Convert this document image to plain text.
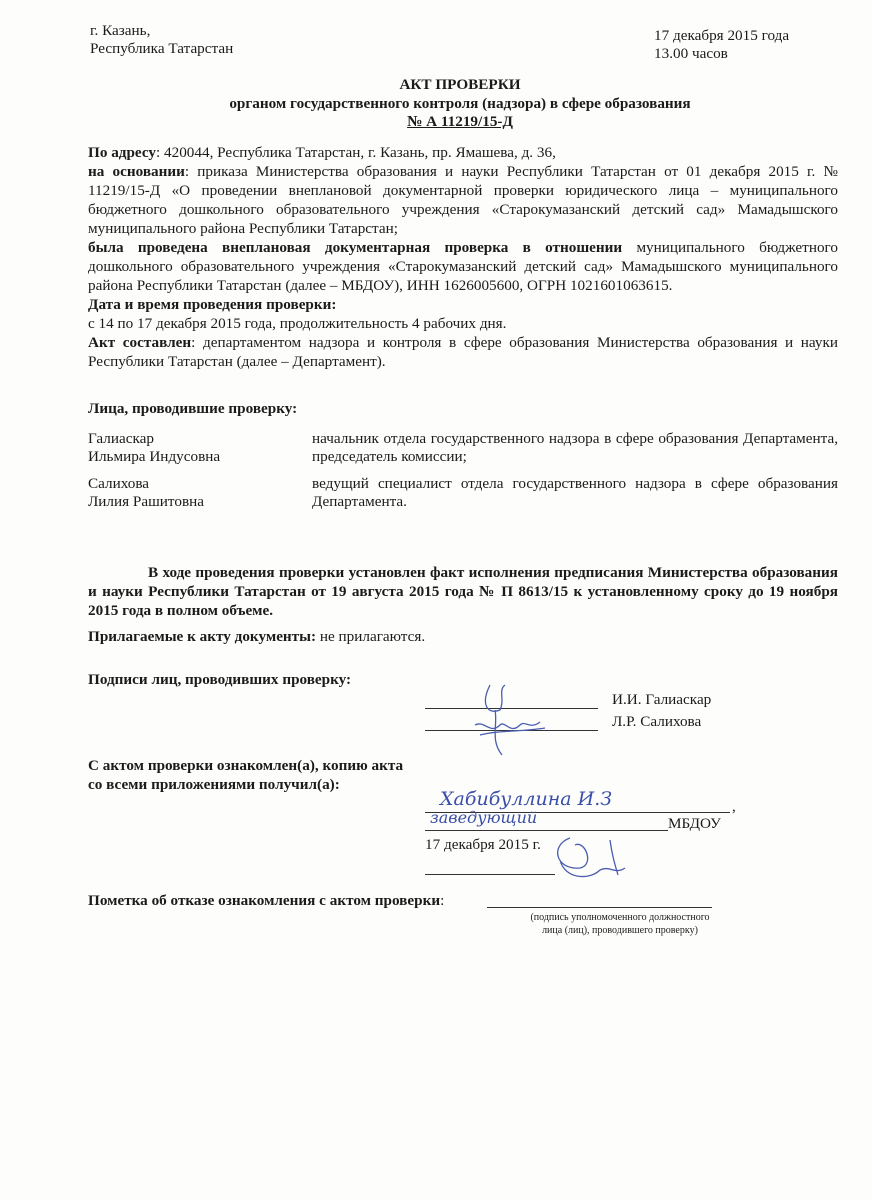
г. Казань,
Республика Татарстан
17 декабря 2015 года
13.00 часов
АКТ ПРОВЕРКИ
органом государственного контроля (надзора) в сфере образования
№ А 11219/15-Д

По адресу: 420044, Республика Татарстан, г. Казань, пр. Ямашева, д. 36,

на основании: приказа Министерства образования и науки Республики Татарстан от 01 декабря 2015 г. № 11219/15-Д «О проведении внеплановой документарной проверки юридического лица – муниципального бюджетного дошкольного образовательного учреждения «Старокумазанский детский сад» Мамадышского муниципального района Республики Татарстан;

была проведена внеплановая документарная проверка в отношении муниципального бюджетного дошкольного образовательного учреждения «Старокумазанский детский сад» Мамадышского муниципального района Республики Татарстан (далее – МБДОУ), ИНН 1626005600, ОГРН 1021601063615.

Дата и время проведения проверки:

с 14 по 17 декабря 2015 года, продолжительность 4 рабочих дня.

Акт составлен: департаментом надзора и контроля в сфере образования Министерства образования и науки Республики Татарстан (далее – Департамент).

Лица, проводившие проверку:
Галиаскар
Ильмира Индусовна
начальник отдела государственного надзора в сфере образования Департамента, председатель комиссии;
Салихова
Лилия Рашитовна
ведущий специалист отдела государственного надзора в сфере образования Департамента.
В ходе проведения проверки установлен факт исполнения предписания Министерства образования и науки Республики Татарстан от 19 августа 2015 года № П 8613/15 к установленному сроку до 19 ноября 2015 года в полном объеме.
Прилагаемые к акту документы: не прилагаются.
Подписи лиц, проводивших проверку:
И.И. Галиаскар
Л.Р. Салихова
С актом проверки ознакомлен(а), копию акта
со всеми приложениями получил(а):
Хабибуллина И.З	,
заведующий	МБДОУ
17 декабря 2015 г.
Пометка об отказе ознакомления с актом проверки:
(подпись уполномоченного должностного
лица (лиц), проводившего проверку)
